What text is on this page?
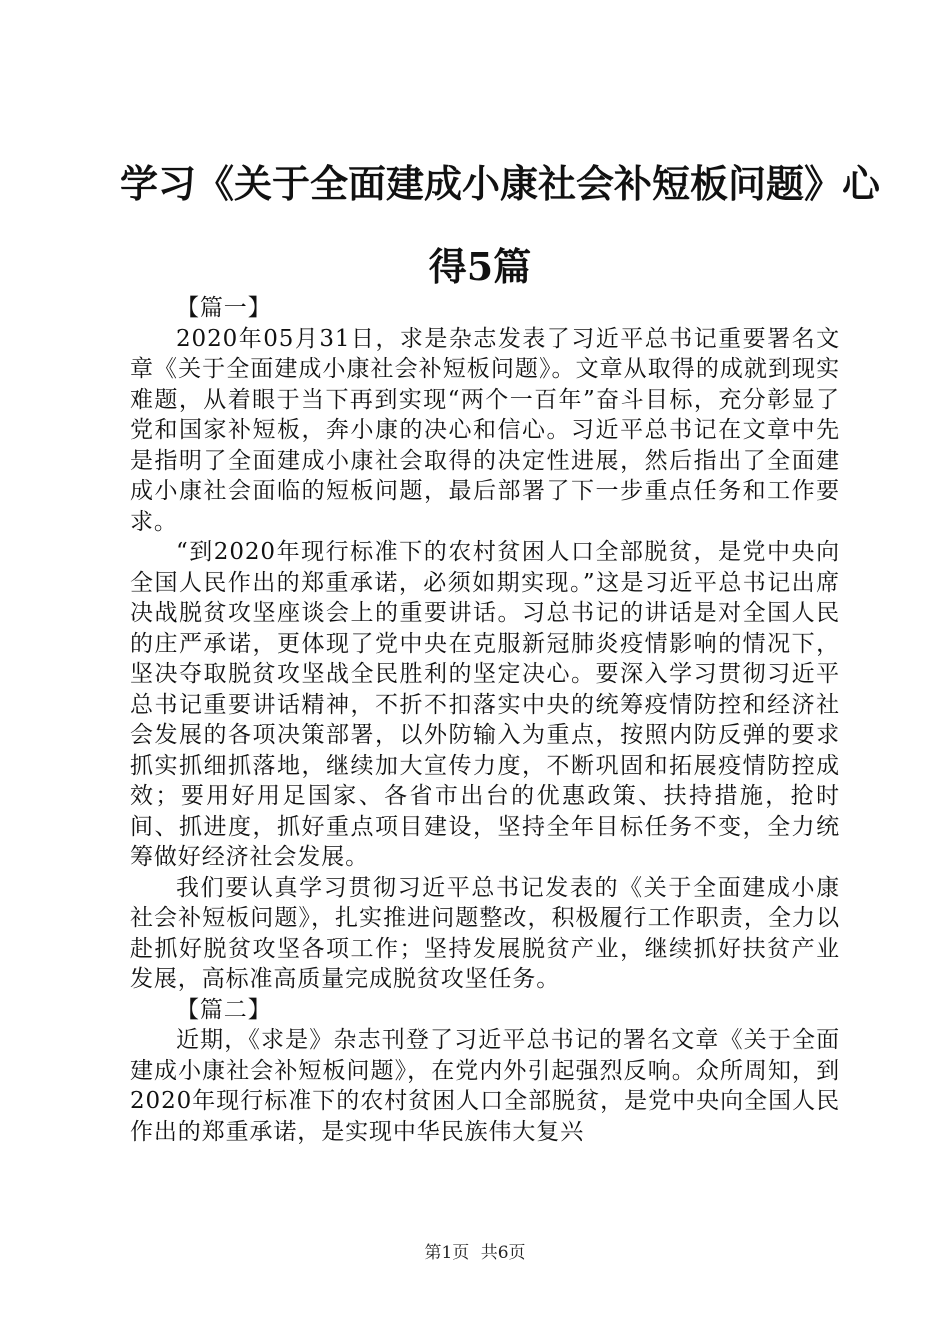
学习《关于全面建成小康社会补短板问题》心
得5篇

【篇一】

2020年05月31日，求是杂志发表了习近平总书记重要署名文章《关于全面建成小康社会补短板问题》。文章从取得的成就到现实难题，从着眼于当下再到实现“两个一百年”奋斗目标，充分彰显了党和国家补短板，奔小康的决心和信心。习近平总书记在文章中先是指明了全面建成小康社会取得的决定性进展，然后指出了全面建成小康社会面临的短板问题，最后部署了下一步重点任务和工作要求。

“到2020年现行标准下的农村贫困人口全部脱贫，是党中央向全国人民作出的郑重承诺，必须如期实现。”这是习近平总书记出席决战脱贫攻坚座谈会上的重要讲话。习总书记的讲话是对全国人民的庄严承诺，更体现了党中央在克服新冠肺炎疫情影响的情况下，坚决夺取脱贫攻坚战全民胜利的坚定决心。要深入学习贯彻习近平总书记重要讲话精神，不折不扣落实中央的统筹疫情防控和经济社会发展的各项决策部署，以外防输入为重点，按照内防反弹的要求抓实抓细抓落地，继续加大宣传力度，不断巩固和拓展疫情防控成效；要用好用足国家、各省市出台的优惠政策、扶持措施，抢时间、抓进度，抓好重点项目建设，坚持全年目标任务不变，全力统筹做好经济社会发展。

我们要认真学习贯彻习近平总书记发表的《关于全面建成小康社会补短板问题》，扎实推进问题整改，积极履行工作职责，全力以赴抓好脱贫攻坚各项工作；坚持发展脱贫产业，继续抓好扶贫产业发展，高标准高质量完成脱贫攻坚任务。

【篇二】

近期，《求是》杂志刊登了习近平总书记的署名文章《关于全面建成小康社会补短板问题》，在党内外引起强烈反响。众所周知，到2020年现行标准下的农村贫困人口全部脱贫，是党中央向全国人民作出的郑重承诺，是实现中华民族伟大复兴

第1页 共6页
